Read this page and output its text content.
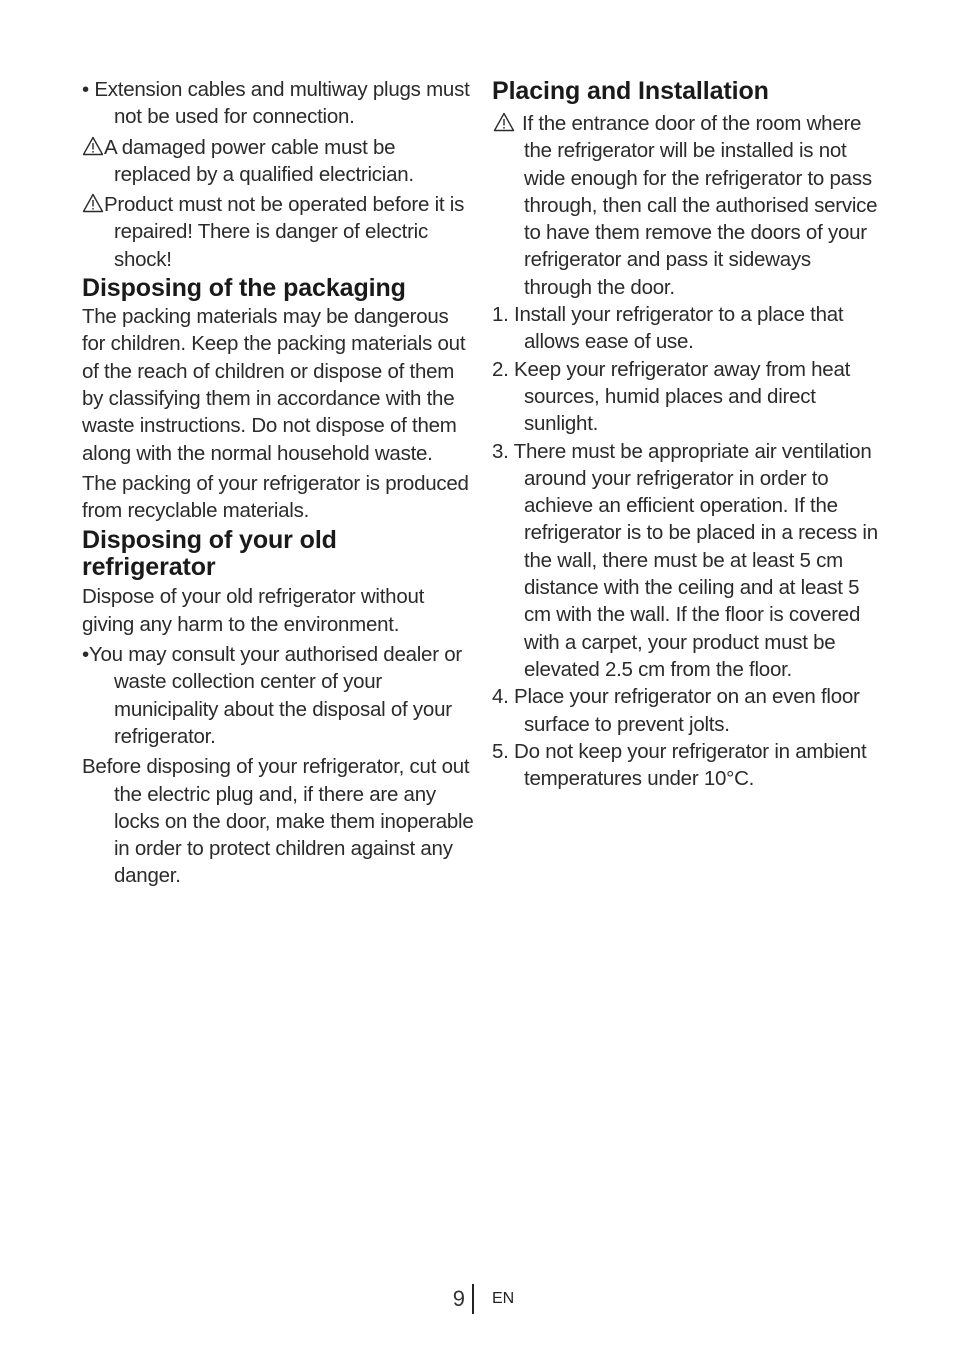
• Extension cables and multiway plugs must not be used for connection.

A damaged power cable must be replaced by a qualified electrician.

Product must not be operated before it is repaired! There is danger of electric shock!

Disposing of the packaging

The packing materials may be dangerous for children. Keep the packing materials out of the reach of children or dispose of them by classifying them in accordance with the waste instructions. Do not dispose of them along with the normal household waste.

The packing of your refrigerator is produced from recyclable materials.

Disposing of your old refrigerator

Dispose of your old refrigerator without giving any harm to the environment.

•You may consult your authorised dealer or waste collection center of your municipality about the disposal of your refrigerator.

Before disposing of your refrigerator, cut out the electric plug and, if there are any locks on the door, make them inoperable in order to protect children against any danger.

Placing and Installation

If the entrance door of the room where the refrigerator will be installed is not wide enough for the refrigerator to pass through, then call the authorised service to have them remove the doors of your refrigerator and pass it sideways through the door.

1. Install your refrigerator to a place that allows ease of use.

2. Keep your refrigerator away from heat sources, humid places and direct sunlight.

3. There must be appropriate air ventilation around your refrigerator in order to achieve an efficient operation. If the refrigerator is to be placed in a recess in the wall, there must be at least 5 cm distance with the ceiling and at least 5 cm with the wall. If the floor is covered with a carpet, your product must be elevated 2.5 cm from the floor.

4. Place your refrigerator on an even floor surface to prevent jolts.

5. Do not keep your refrigerator in ambient temperatures under 10°C.

9 EN
